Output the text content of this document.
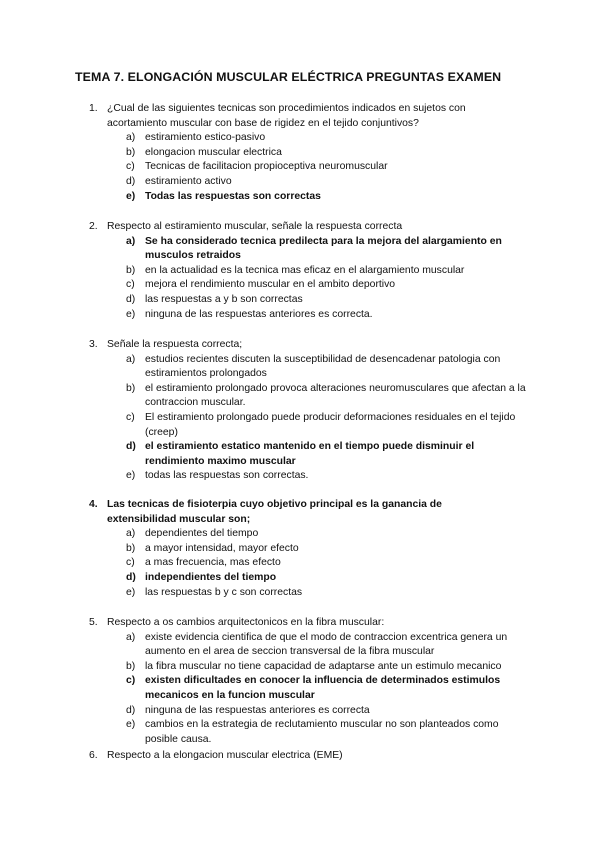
TEMA 7. ELONGACIÓN MUSCULAR ELÉCTRICA PREGUNTAS EXAMEN
1. ¿Cual de las siguientes tecnicas son procedimientos indicados en sujetos con acortamiento muscular con base de rigidez en el tejido conjuntivos?
a) estiramiento estico-pasivo
b) elongacion muscular electrica
c) Tecnicas de facilitacion propioceptiva neuromuscular
d) estiramiento activo
e) Todas las respuestas son correctas
2. Respecto al estiramiento muscular, señale la respuesta correcta
a) Se ha considerado tecnica predilecta para la mejora del alargamiento en musculos retraidos
b) en la actualidad es la tecnica mas eficaz en el alargamiento muscular
c) mejora el rendimiento muscular en el ambito deportivo
d) las respuestas a y b son correctas
e) ninguna de las respuestas anteriores es correcta.
3. Señale la respuesta correcta;
a) estudios recientes discuten la susceptibilidad de desencadenar patologia con estiramientos prolongados
b) el estiramiento prolongado provoca alteraciones neuromusculares que afectan a la contraccion muscular.
c) El estiramiento prolongado puede producir deformaciones residuales en el tejido (creep)
d) el estiramiento estatico mantenido en el tiempo puede disminuir el rendimiento maximo muscular
e) todas las respuestas son correctas.
4. Las tecnicas de fisioterpia cuyo objetivo principal es la ganancia de extensibilidad muscular son;
a) dependientes del tiempo
b) a mayor intensidad, mayor efecto
c) a mas frecuencia, mas efecto
d) independientes del tiempo
e) las respuestas b y c son correctas
5. Respecto a os cambios arquitectonicos en la fibra muscular:
a) existe evidencia cientifica de que el modo de contraccion excentrica genera un aumento en el area de seccion transversal de la fibra muscular
b) la fibra muscular no tiene capacidad de adaptarse ante un estimulo mecanico
c) existen dificultades en conocer la influencia de determinados estimulos mecanicos en la funcion muscular
d) ninguna de las respuestas anteriores es correcta
e) cambios en la estrategia de reclutamiento muscular no son planteados como posible causa.
6. Respecto a la elongacion muscular electrica (EME)
